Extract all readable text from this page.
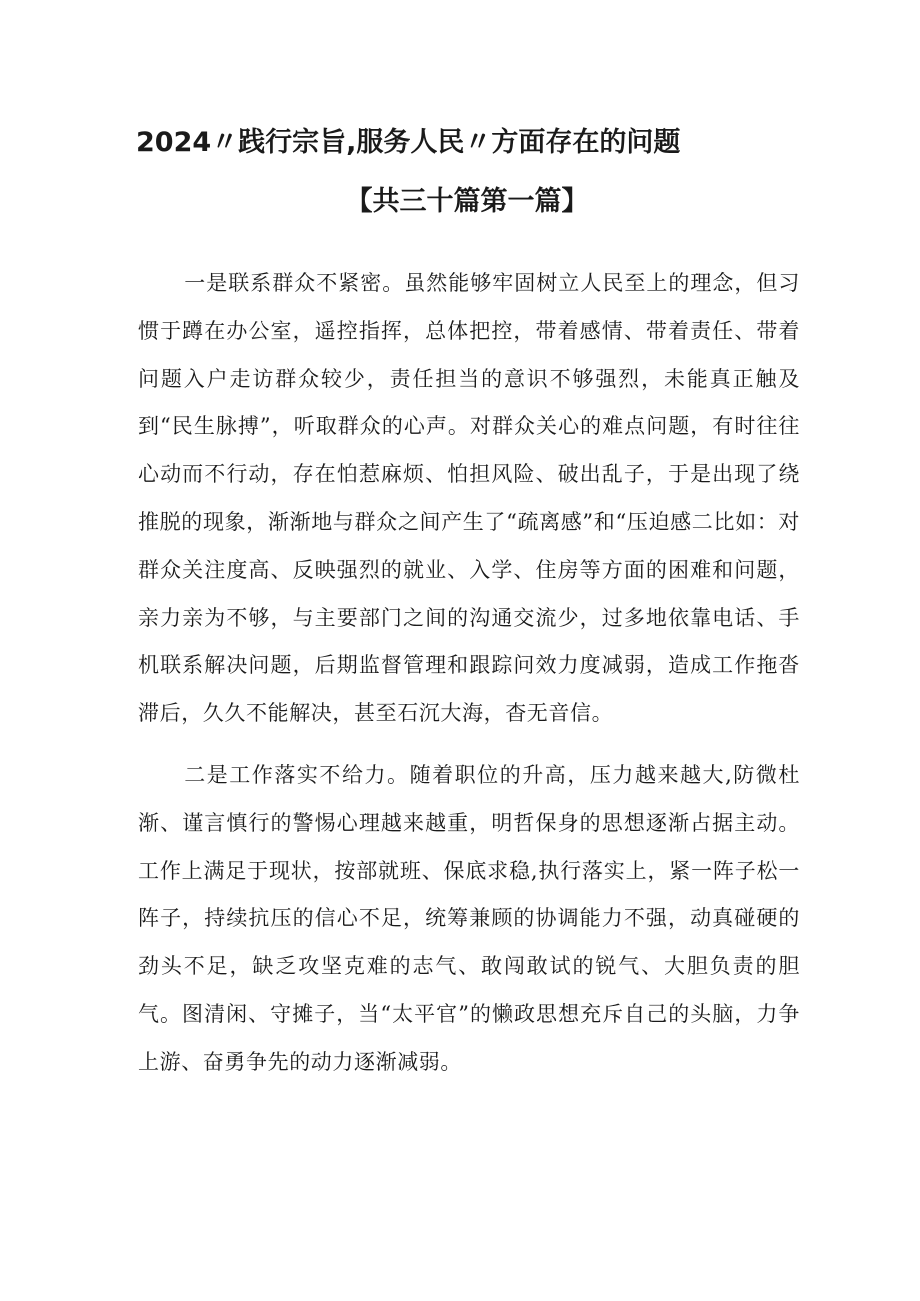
2024〃践行宗旨,服务人民〃方面存在的问题
【共三十篇第一篇】

一是联系群众不紧密。虽然能够牢固树立人民至上的理念，但习惯于蹲在办公室，遥控指挥，总体把控，带着感情、带着责任、带着问题入户走访群众较少，责任担当的意识不够强烈，未能真正触及到“民生脉搏”，听取群众的心声。对群众关心的难点问题，有时往往心动而不行动，存在怕惹麻烦、怕担风险、破出乱子，于是出现了绕推脱的现象，渐渐地与群众之间产生了“疏离感”和“压迫感二比如：对群众关注度高、反映强烈的就业、入学、住房等方面的困难和问题，亲力亲为不够，与主要部门之间的沟通交流少，过多地依靠电话、手机联系解决问题，后期监督管理和跟踪问效力度减弱，造成工作拖沓滞后，久久不能解决，甚至石沉大海，杳无音信。

二是工作落实不给力。随着职位的升高，压力越来越大,防微杜渐、谨言慎行的警惕心理越来越重，明哲保身的思想逐渐占据主动。工作上满足于现状，按部就班、保底求稳,执行落实上，紧一阵子松一阵子，持续抗压的信心不足，统筹兼顾的协调能力不强，动真碰硬的劲头不足，缺乏攻坚克难的志气、敢闯敢试的锐气、大胆负责的胆气。图清闲、守摊子，当“太平官”的懒政思想充斥自己的头脑，力争上游、奋勇争先的动力逐渐减弱。
